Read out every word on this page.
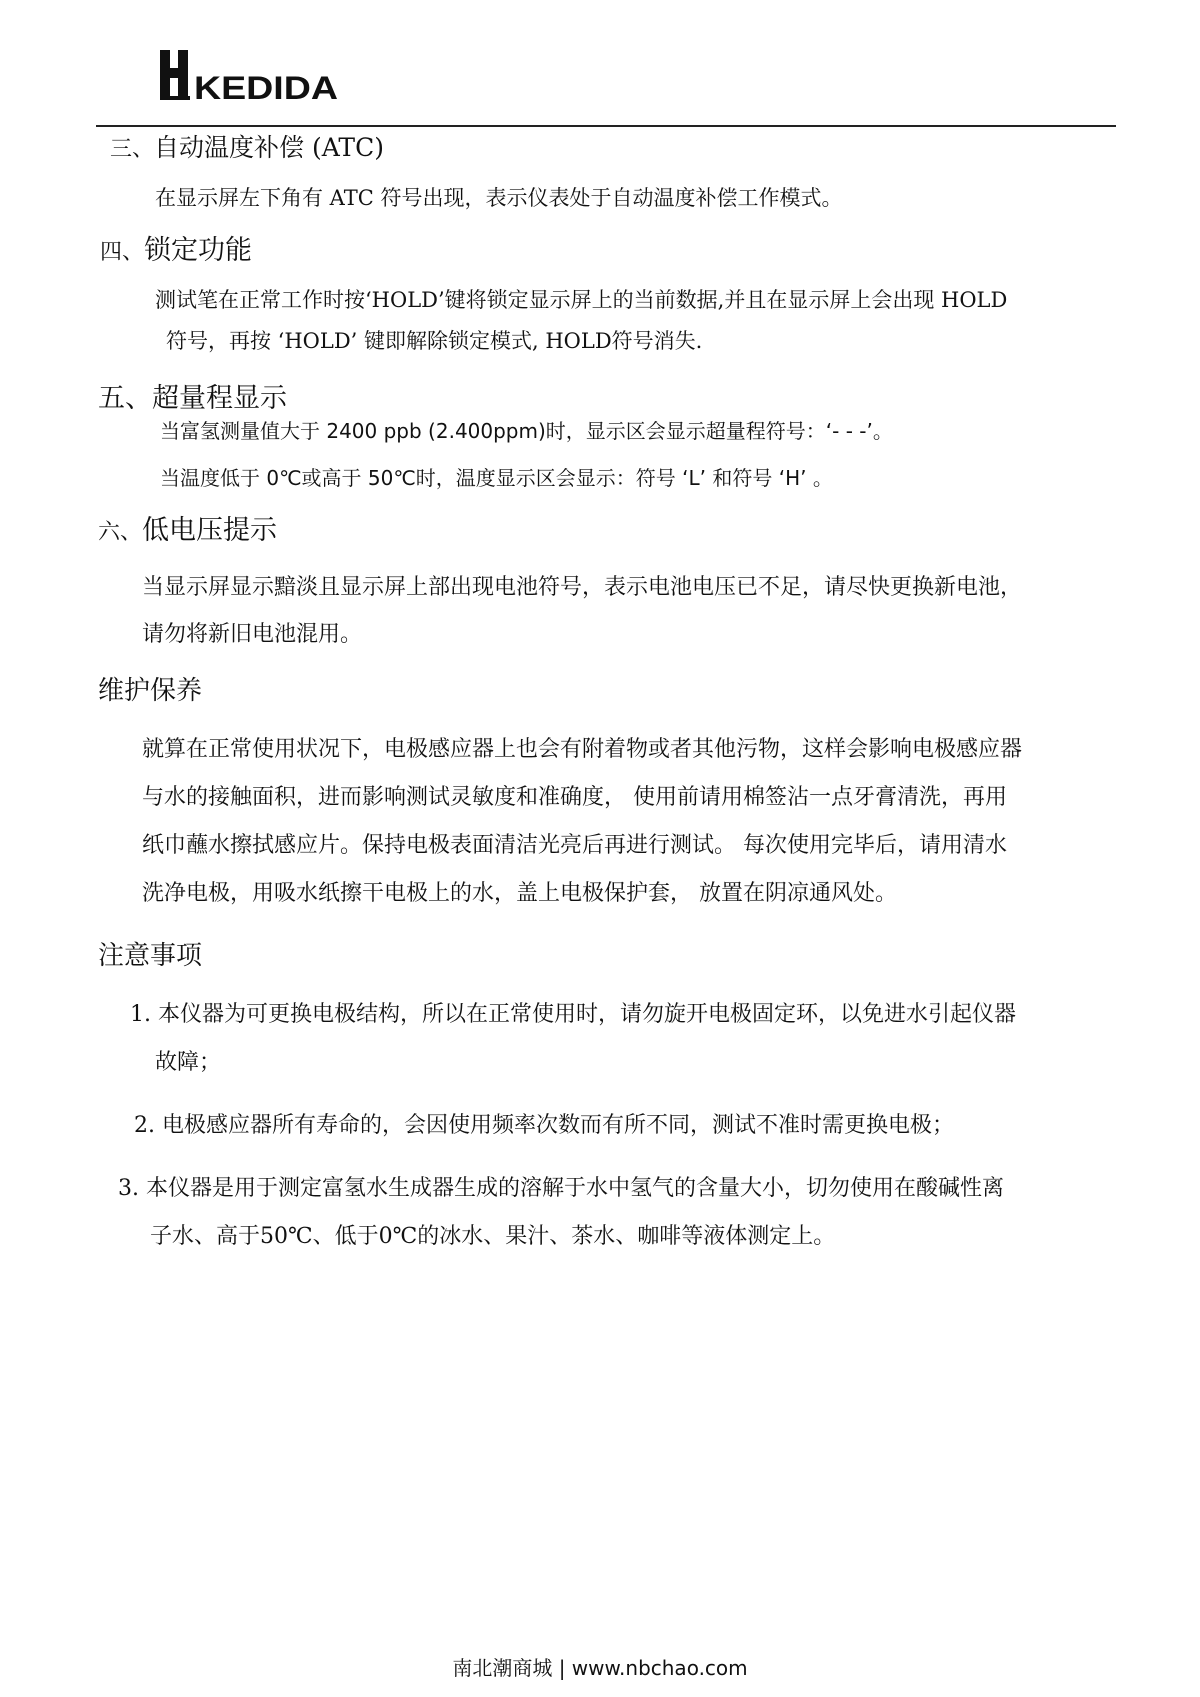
KEDIDA
三、自动温度补偿 (ATC)

在显示屏左下角有 ATC 符号出现，表示仪表处于自动温度补偿工作模式。

四、锁定功能

测试笔在正常工作时按‘HOLD’键将锁定显示屏上的当前数据,并且在显示屏上会出现 HOLD

符号，再按 ‘HOLD’ 键即解除锁定模式, HOLD符号消失.

五、超量程显示

当富氢测量值大于 2400 ppb (2.400ppm)时，显示区会显示超量程符号：‘- - -’。

当温度低于 0℃或高于 50℃时，温度显示区会显示：符号 ‘L’ 和符号 ‘H’ 。

六、低电压提示

当显示屏显示黯淡且显示屏上部出现电池符号，表示电池电压已不足，请尽快更换新电池，

请勿将新旧电池混用。

维护保养

就算在正常使用状况下，电极感应器上也会有附着物或者其他污物，这样会影响电极感应器

与水的接触面积，进而影响测试灵敏度和准确度， 使用前请用棉签沾一点牙膏清洗，再用

纸巾蘸水擦拭感应片。保持电极表面清洁光亮后再进行测试。 每次使用完毕后，请用清水

洗净电极，用吸水纸擦干电极上的水，盖上电极保护套， 放置在阴凉通风处。

注意事项

1. 本仪器为可更换电极结构，所以在正常使用时，请勿旋开电极固定环，以免进水引起仪器

故障；

2. 电极感应器所有寿命的，会因使用频率次数而有所不同，测试不准时需更换电极；

3. 本仪器是用于测定富氢水生成器生成的溶解于水中氢气的含量大小，切勿使用在酸碱性离

子水、高于50℃、低于0℃的冰水、果汁、茶水、咖啡等液体测定上。

南北潮商城 | www.nbchao.com
